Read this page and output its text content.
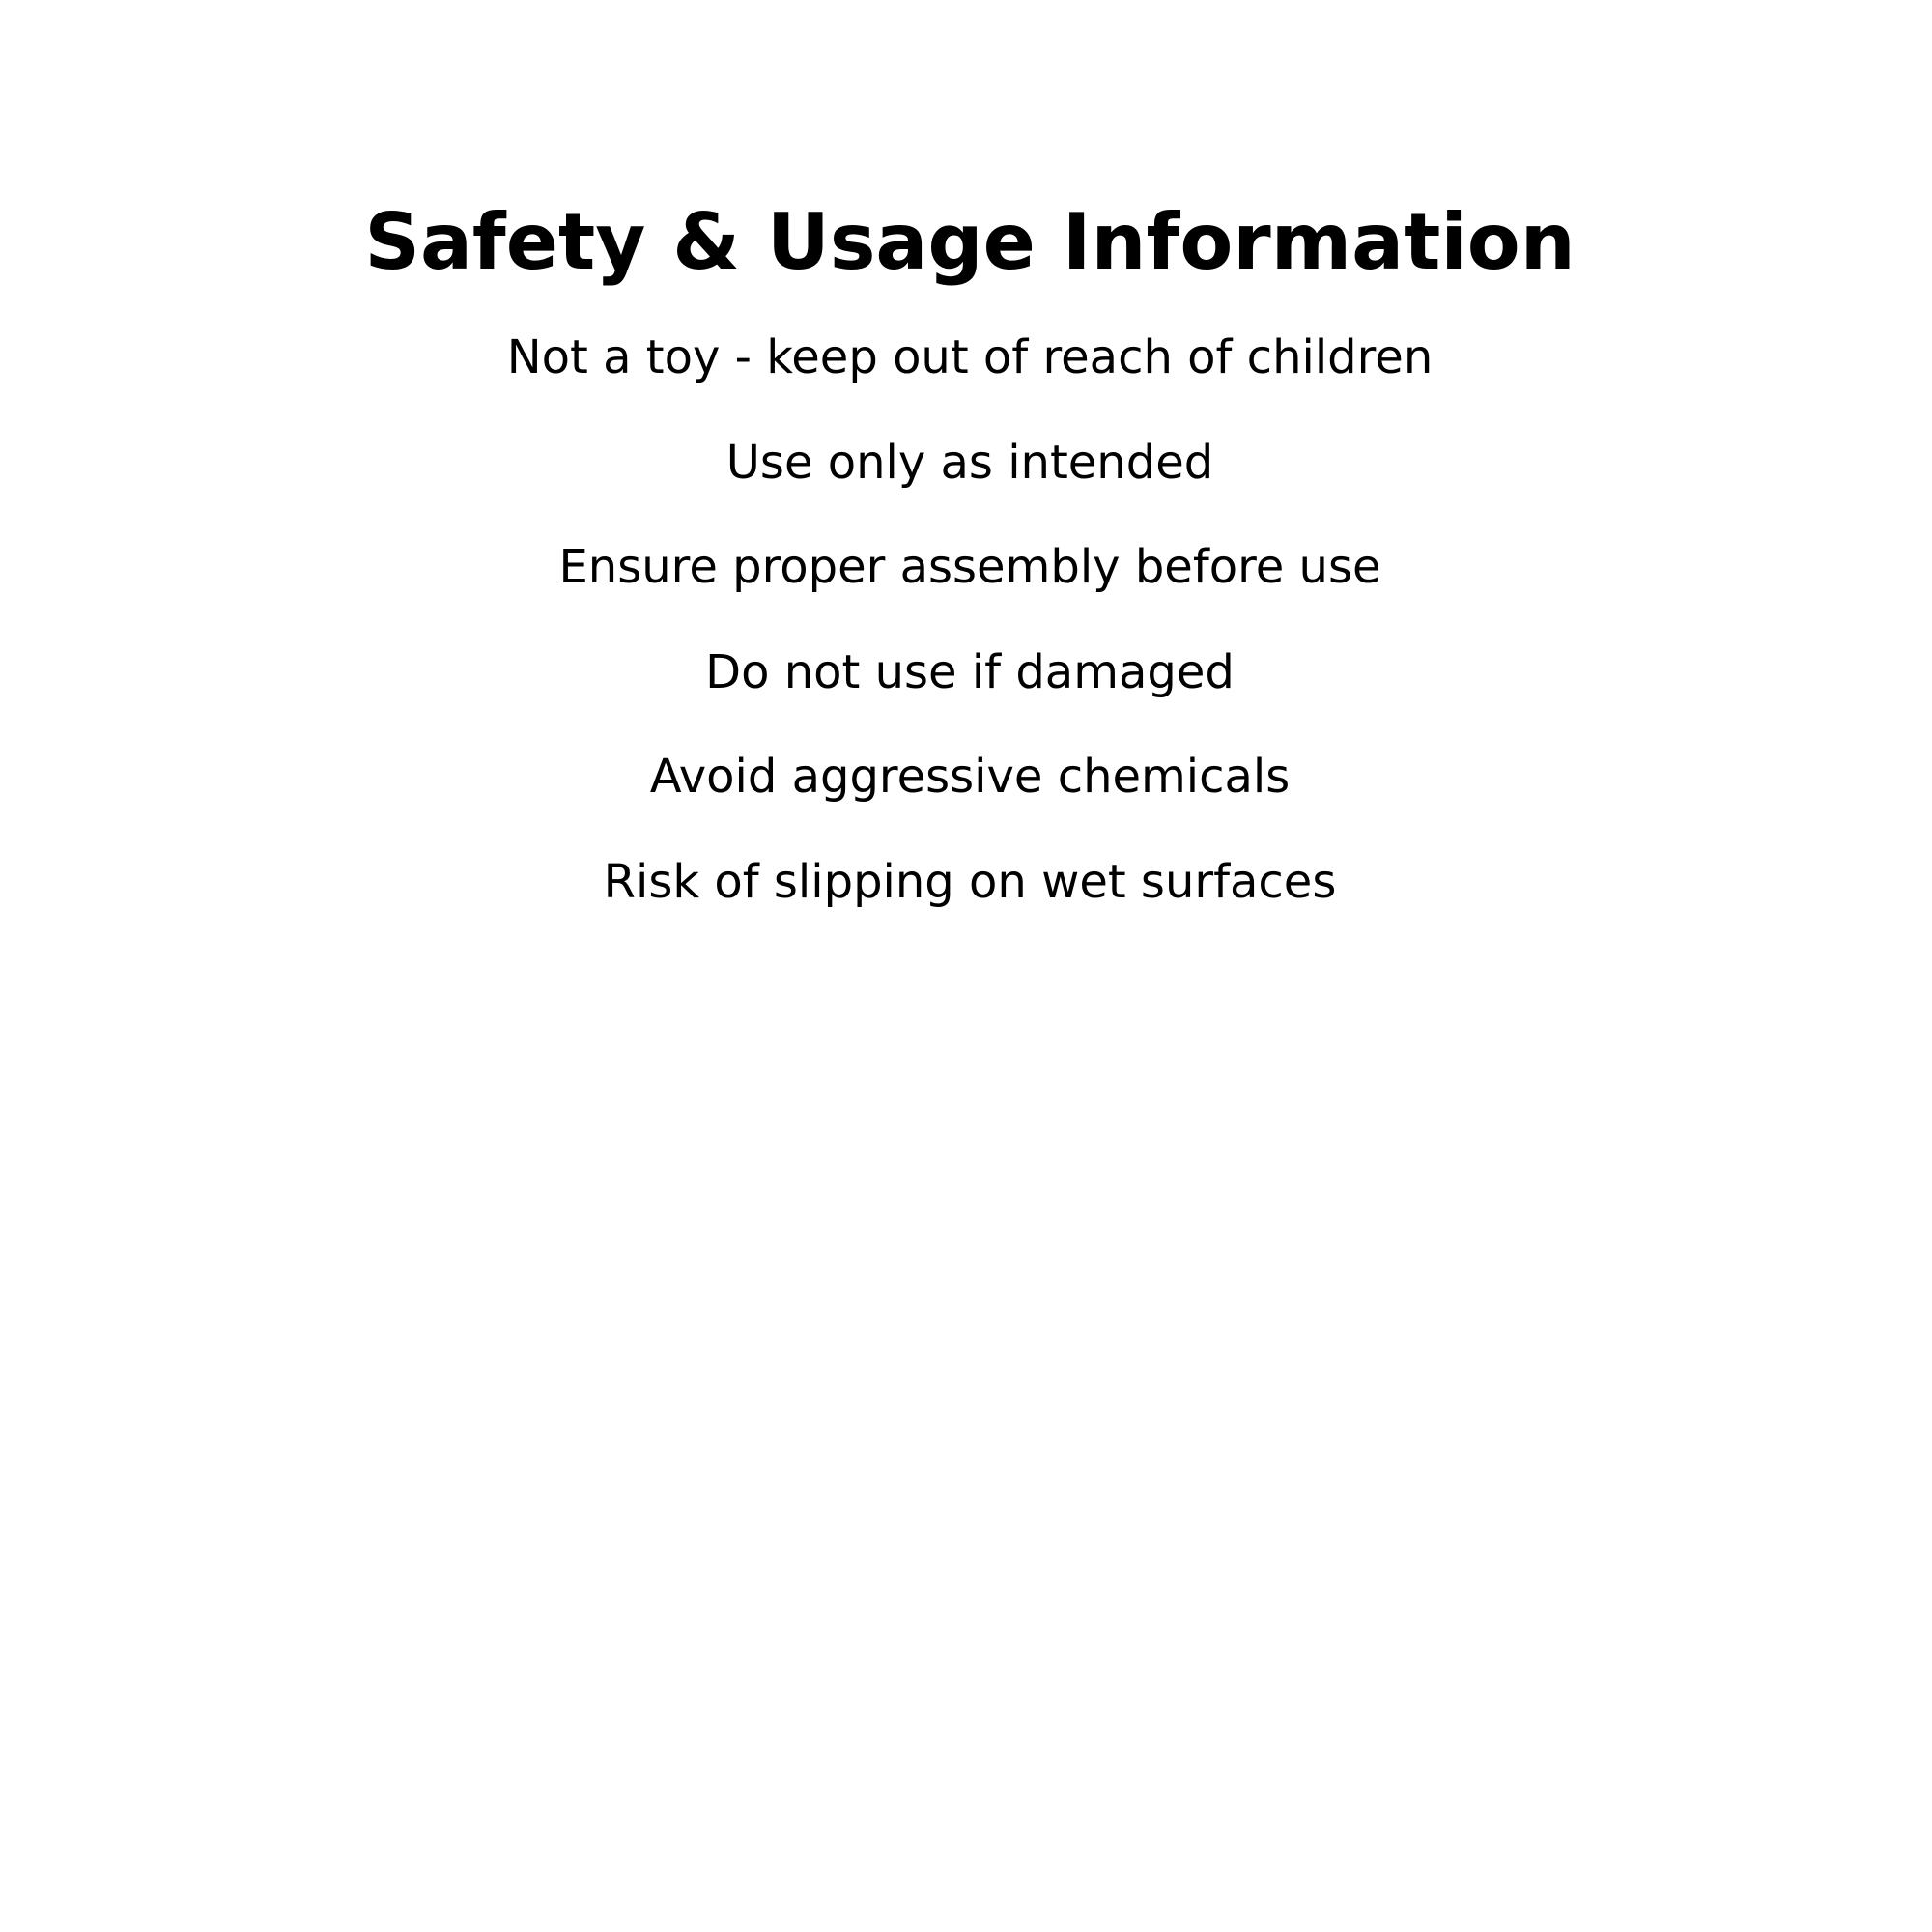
Safety & Usage Information
Not a toy - keep out of reach of children
Use only as intended
Ensure proper assembly before use
Do not use if damaged
Avoid aggressive chemicals
Risk of slipping on wet surfaces
